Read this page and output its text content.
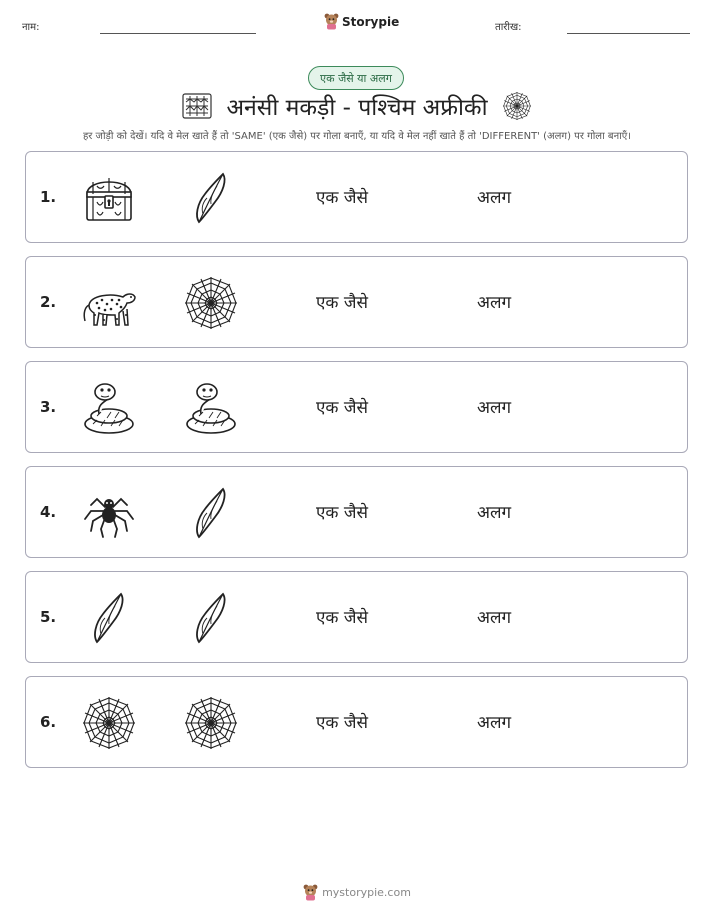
नाम:	Storypie	तारीख:
एक जैसे या अलग
अनंसी मकड़ी - पश्चिम अफ्रीकी
हर जोड़ी को देखें। यदि वे मेल खाते हैं तो 'SAME' (एक जैसे) पर गोला बनाएँ, या यदि वे मेल नहीं खाते हैं तो 'DIFFERENT' (अलग) पर गोला बनाएँ।
1.	एक जैसे	अलग
2.	एक जैसे	अलग
3.	एक जैसे	अलग
4.	एक जैसे	अलग
5.	एक जैसे	अलग
6.	एक जैसे	अलग
mystorypie.com
